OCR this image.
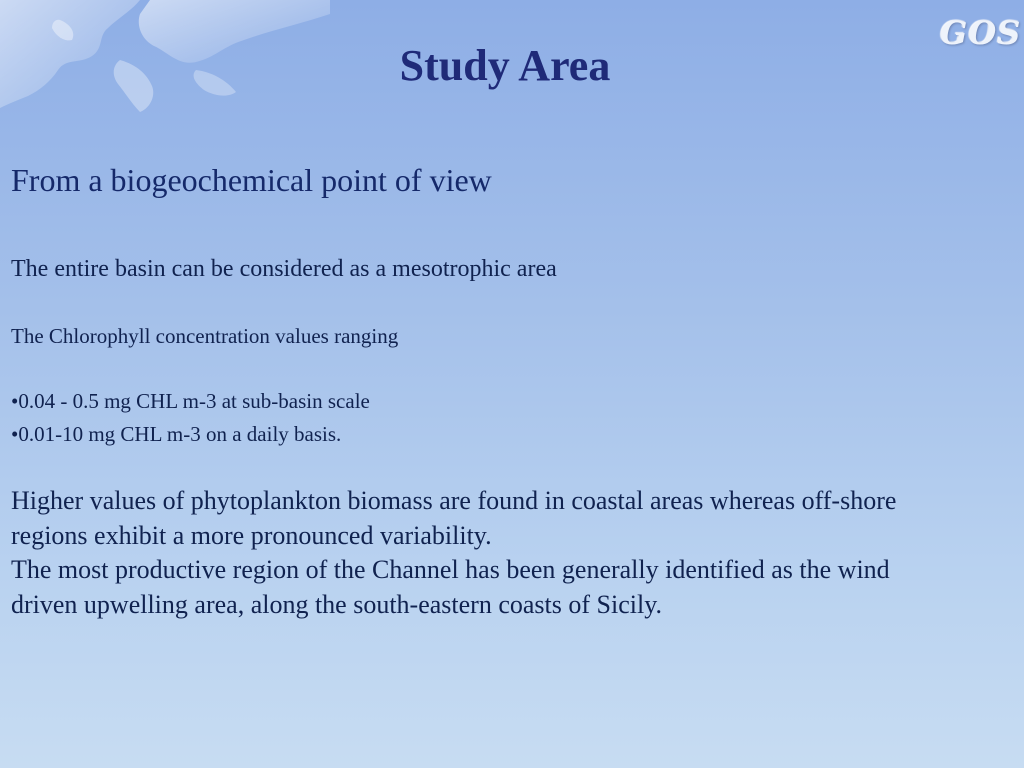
GOS
Study Area

From a biogeochemical point of view

The entire basin can be considered as a mesotrophic area

The Chlorophyll concentration values ranging

•0.04 - 0.5 mg CHL m-3 at sub-basin scale

•0.01-10 mg CHL m-3 on a daily basis.

Higher values of phytoplankton biomass are found in coastal areas whereas off-shore
regions exhibit a more pronounced variability.
The most productive region of the Channel has been generally identified as the wind
driven upwelling area, along the south-eastern coasts of Sicily.
